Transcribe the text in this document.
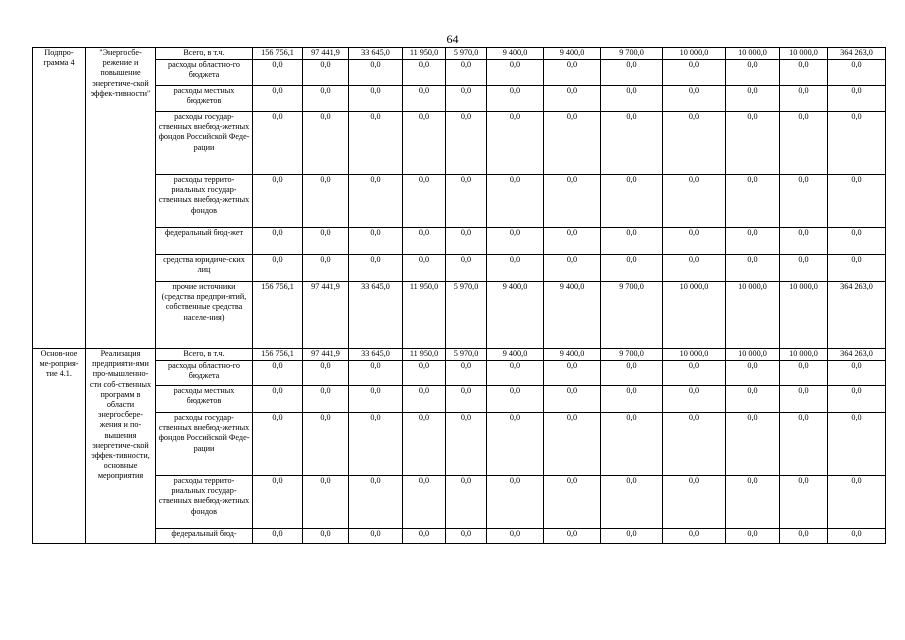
64
Подпро-грамма 4	"Энергосбе-режение и повышение энергетиче-ской эффек-тивности"	Всего, в т.ч.	156 756,1	97 441,9	33 645,0	11 950,0	5 970,0	9 400,0	9 400,0	9 700,0	10 000,0	10 000,0	10 000,0	364 263,0
		расходы областно-го бюджета	0,0	0,0	0,0	0,0	0,0	0,0	0,0	0,0	0,0	0,0	0,0	0,0
		расходы местных бюджетов	0,0	0,0	0,0	0,0	0,0	0,0	0,0	0,0	0,0	0,0	0,0	0,0
		расходы государ-ственных внебюд-жетных фондов Российской Феде-рации	0,0	0,0	0,0	0,0	0,0	0,0	0,0	0,0	0,0	0,0	0,0	0,0
		расходы террито-риальных государ-ственных внебюд-жетных фондов	0,0	0,0	0,0	0,0	0,0	0,0	0,0	0,0	0,0	0,0	0,0	0,0
		федеральный бюд-жет	0,0	0,0	0,0	0,0	0,0	0,0	0,0	0,0	0,0	0,0	0,0	0,0
		средства юридиче-ских лиц	0,0	0,0	0,0	0,0	0,0	0,0	0,0	0,0	0,0	0,0	0,0	0,0
		прочие источники (средства предпри-ятий, собственные средства населе-ния)	156 756,1	97 441,9	33 645,0	11 950,0	5 970,0	9 400,0	9 400,0	9 700,0	10 000,0	10 000,0	10 000,0	364 263,0
Основ-ное ме-роприя-тие 4.1.	Реализация предприяти-ями про-мышленно-сти соб-ственных программ в области энергосбере-жения и по-вышения энергетиче-ской эффек-тивности, основные мероприятия	Всего, в т.ч.	156 756,1	97 441,9	33 645,0	11 950,0	5 970,0	9 400,0	9 400,0	9 700,0	10 000,0	10 000,0	10 000,0	364 263,0
		расходы областно-го бюджета	0,0	0,0	0,0	0,0	0,0	0,0	0,0	0,0	0,0	0,0	0,0	0,0
		расходы местных бюджетов	0,0	0,0	0,0	0,0	0,0	0,0	0,0	0,0	0,0	0,0	0,0	0,0
		расходы государ-ственных внебюд-жетных фондов Российской Феде-рации	0,0	0,0	0,0	0,0	0,0	0,0	0,0	0,0	0,0	0,0	0,0	0,0
		расходы террито-риальных государ-ственных внебюд-жетных фондов	0,0	0,0	0,0	0,0	0,0	0,0	0,0	0,0	0,0	0,0	0,0	0,0
		федеральный бюд-	0,0	0,0	0,0	0,0	0,0	0,0	0,0	0,0	0,0	0,0	0,0	0,0
